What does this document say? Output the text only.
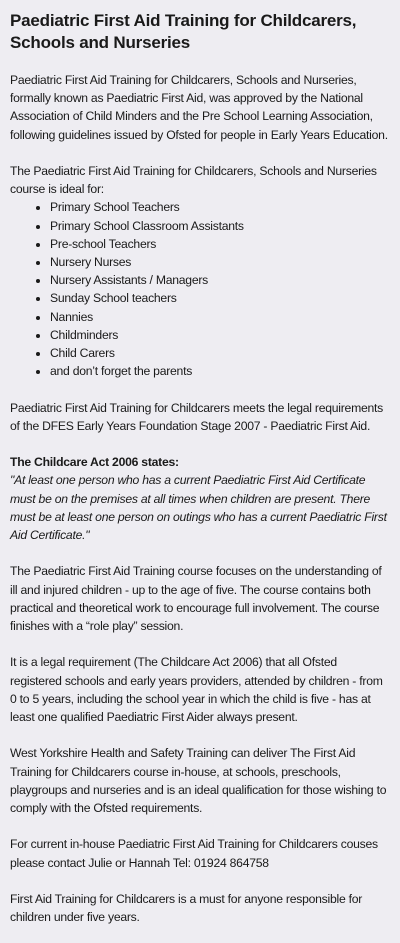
Paediatric First Aid Training for Childcarers, Schools and Nurseries

Paediatric First Aid Training for Childcarers, Schools and Nurseries, formally known as Paediatric First Aid, was approved by the National Association of Child Minders and the Pre School Learning Association, following guidelines issued by Ofsted for people in Early Years Education.

The Paediatric First Aid Training for Childcarers, Schools and Nurseries course is ideal for:

• Primary School Teachers
• Primary School Classroom Assistants
• Pre-school Teachers
• Nursery Nurses
• Nursery Assistants / Managers
• Sunday School teachers
• Nannies
• Childminders
• Child Carers
• and don’t forget the parents

Paediatric First Aid Training for Childcarers meets the legal requirements of the DFES Early Years Foundation Stage 2007 - Paediatric First Aid.

The Childcare Act 2006 states:

"At least one person who has a current Paediatric First Aid Certificate must be on the premises at all times when children are present. There must be at least one person on outings who has a current Paediatric First Aid Certificate."

The Paediatric First Aid Training course focuses on the understanding of ill and injured children - up to the age of five. The course contains both practical and theoretical work to encourage full involvement. The course finishes with a “role play” session.

It is a legal requirement (The Childcare Act 2006) that all Ofsted registered schools and early years providers, attended by children - from 0 to 5 years, including the school year in which the child is five - has at least one qualified Paediatric First Aider always present.

West Yorkshire Health and Safety Training can deliver The First Aid Training for Childcarers course in-house, at schools, preschools, playgroups and nurseries and is an ideal qualification for those wishing to comply with the Ofsted requirements.

For current in-house Paediatric First Aid Training for Childcarers couses please contact Julie or Hannah Tel: 01924 864758

First Aid Training for Childcarers is a must for anyone responsible for children under five years.
